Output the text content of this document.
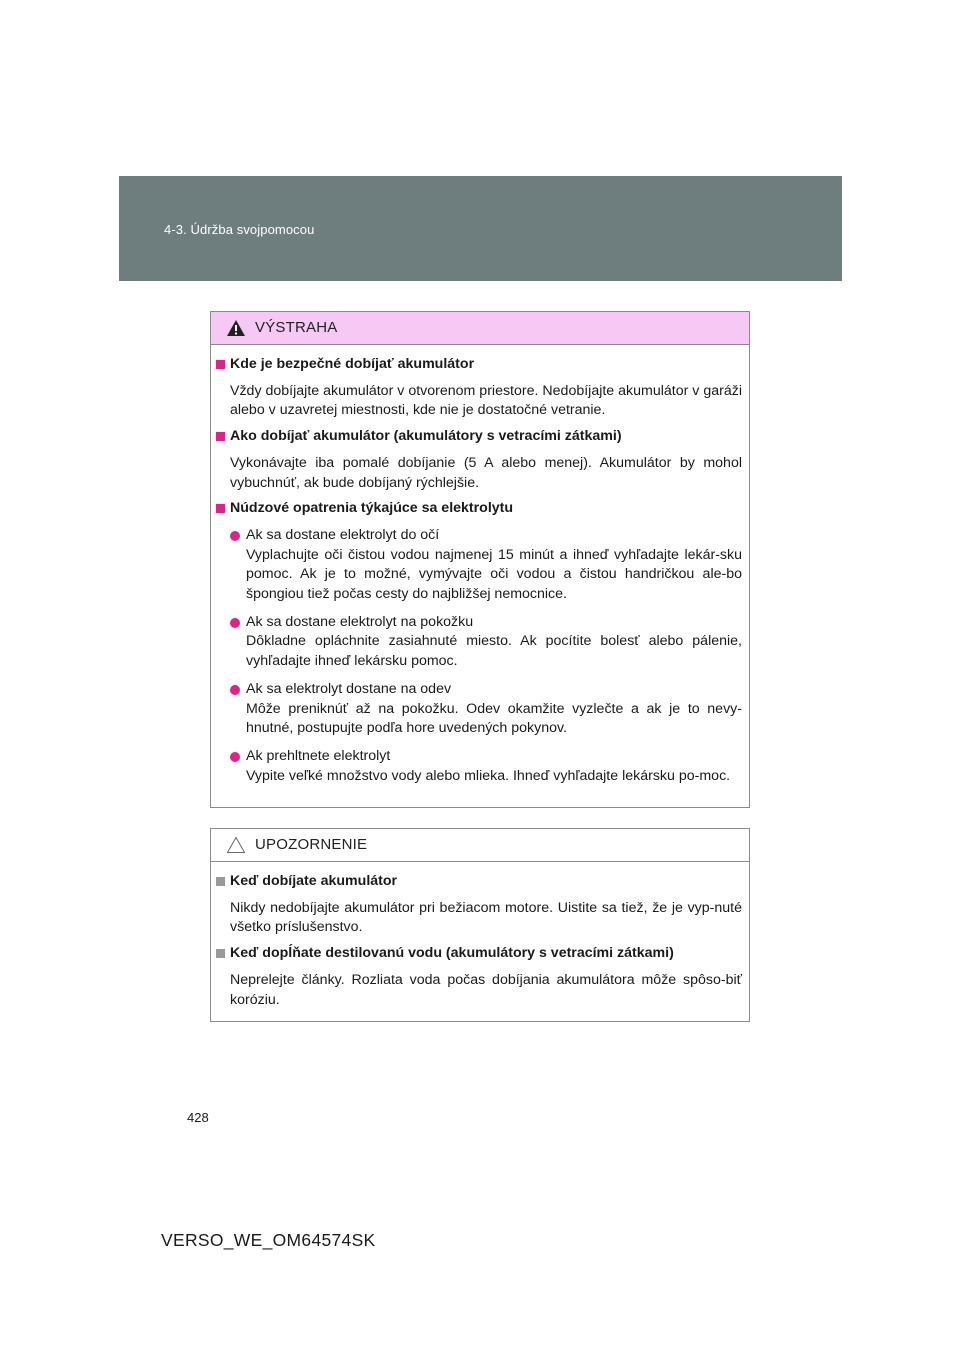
4-3. Údržba svojpomocou
VÝSTRAHA
Kde je bezpečné dobíjať akumulátor
Vždy dobíjajte akumulátor v otvorenom priestore. Nedobíjajte akumulátor v garáži alebo v uzavretej miestnosti, kde nie je dostatočné vetranie.
Ako dobíjať akumulátor (akumulátory s vetracími zátkami)
Vykonávajte iba pomalé dobíjanie (5 A alebo menej). Akumulátor by mohol vybuchnúť, ak bude dobíjaný rýchlejšie.
Núdzové opatrenia týkajúce sa elektrolytu
Ak sa dostane elektrolyt do očí
Vyplachujte oči čistou vodou najmenej 15 minút a ihneď vyhľadajte lekár-sku pomoc. Ak je to možné, vymývajte oči vodou a čistou handričkou ale-bo špongiou tiež počas cesty do najbližšej nemocnice.
Ak sa dostane elektrolyt na pokožku
Dôkladne opláchnite zasiahnuté miesto. Ak pocítite bolesť alebo pálenie, vyhľadajte ihneď lekársku pomoc.
Ak sa elektrolyt dostane na odev
Môže preniknúť až na pokožku. Odev okamžite vyzlečte a ak je to nevy-hnutné, postupujte podľa hore uvedených pokynov.
Ak prehltnete elektrolyt
Vypite veľké množstvo vody alebo mlieka. Ihneď vyhľadajte lekársku po-moc.
UPOZORNENIE
Keď dobíjate akumulátor
Nikdy nedobíjajte akumulátor pri bežiacom motore. Uistite sa tiež, že je vyp-nuté všetko príslušenstvo.
Keď dopĺňate destilovanú vodu (akumulátory s vetracími zátkami)
Neprelejte články. Rozliata voda počas dobíjania akumulátora môže spôso-biť koróziu.
428
VERSO_WE_OM64574SK
